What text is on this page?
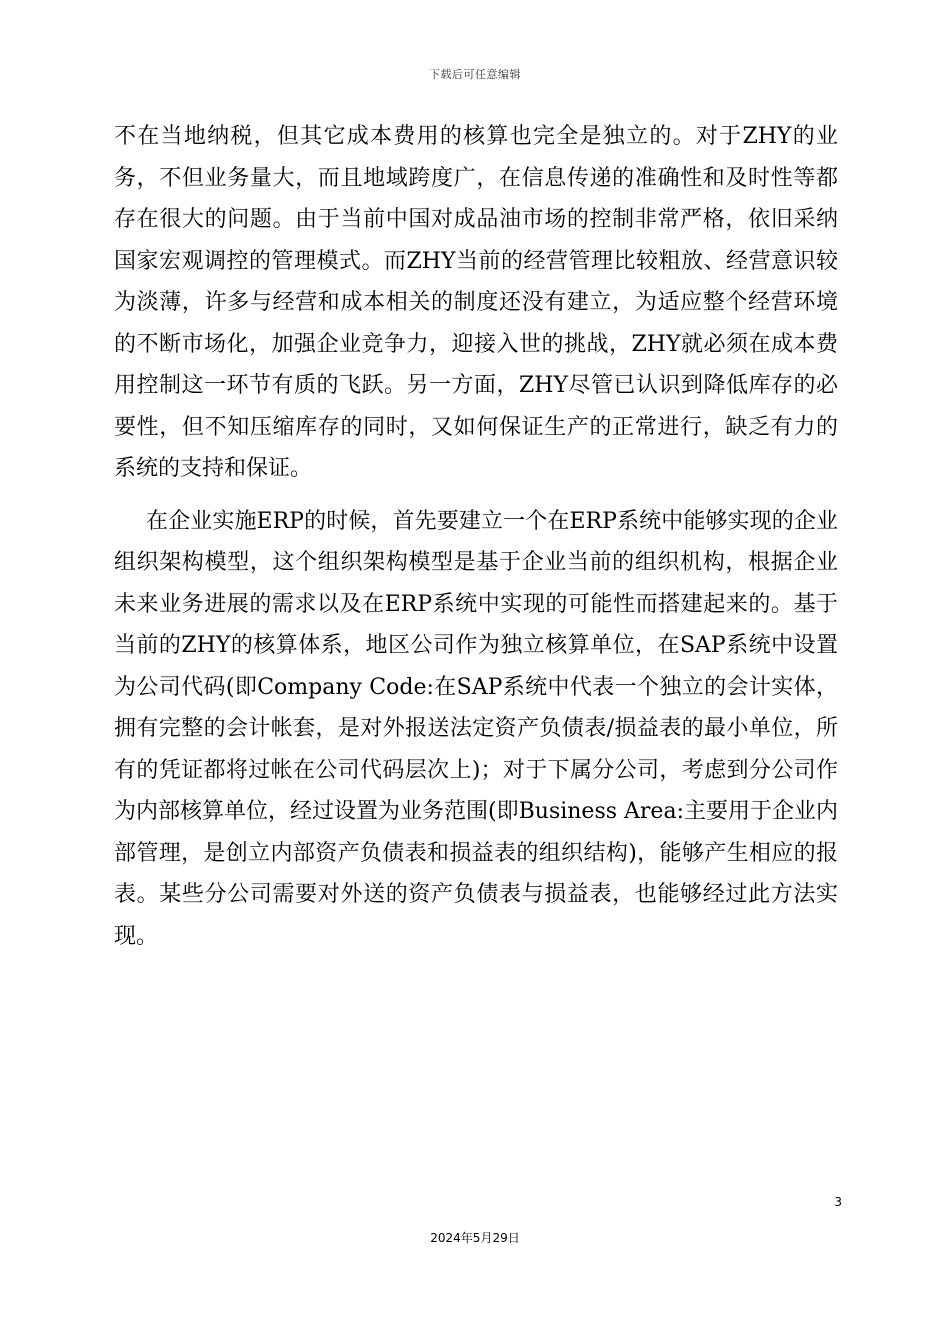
下载后可任意编辑

不在当地纳税，但其它成本费用的核算也完全是独立的。对于ZHY的业务，不但业务量大，而且地域跨度广，在信息传递的准确性和及时性等都存在很大的问题。由于当前中国对成品油市场的控制非常严格，依旧采纳国家宏观调控的管理模式。而ZHY当前的经营管理比较粗放、经营意识较为淡薄，许多与经营和成本相关的制度还没有建立，为适应整个经营环境的不断市场化，加强企业竞争力，迎接入世的挑战，ZHY就必须在成本费用控制这一环节有质的飞跃。另一方面，ZHY尽管已认识到降低库存的必要性，但不知压缩库存的同时，又如何保证生产的正常进行，缺乏有力的系统的支持和保证。

在企业实施ERP的时候，首先要建立一个在ERP系统中能够实现的企业组织架构模型，这个组织架构模型是基于企业当前的组织机构，根据企业未来业务进展的需求以及在ERP系统中实现的可能性而搭建起来的。基于当前的ZHY的核算体系，地区公司作为独立核算单位，在SAP系统中设置为公司代码(即Company Code:在SAP系统中代表一个独立的会计实体，拥有完整的会计帐套，是对外报送法定资产负债表/损益表的最小单位，所有的凭证都将过帐在公司代码层次上)；对于下属分公司，考虑到分公司作为内部核算单位，经过设置为业务范围(即Business Area:主要用于企业内部管理，是创立内部资产负债表和损益表的组织结构)，能够产生相应的报表。某些分公司需要对外送的资产负债表与损益表，也能够经过此方法实现。

3
2024年5月29日
